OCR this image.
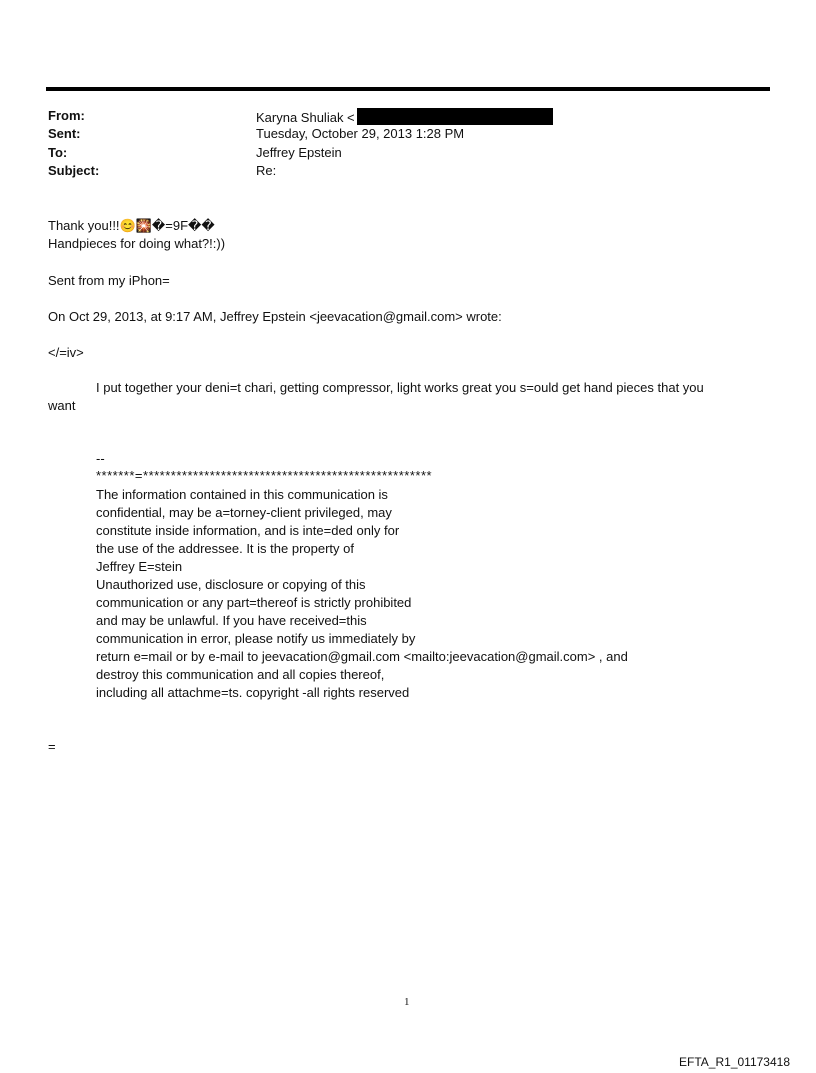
From:	Karyna Shuliak <
Sent:	Tuesday, October 29, 2013 1:28 PM
To:	Jeffrey Epstein
Subject:	Re:
Thank you!!!😊🎇�=9F��
Handpieces for doing what?!:))
Sent from my iPhon=
On Oct 29, 2013, at 9:17 AM, Jeffrey Epstein <jeevacation@gmail.com> wrote:
</=iv>
I put together your deni=t chari, getting compressor, light works great you s=ould get hand pieces that you
want
--
*******=****************************************************
The information contained in this communication is
confidential, may be a=torney-client privileged, may
constitute inside information, and is inte=ded only for
the use of the addressee. It is the property of
Jeffrey E=stein
Unauthorized use, disclosure or copying of this
communication or any part=thereof is strictly prohibited
and may be unlawful. If you have received=this
communication in error, please notify us immediately by
return e=mail or by e-mail to jeevacation@gmail.com <mailto:jeevacation@gmail.com> , and
destroy this communication and all copies thereof,
including all attachme=ts. copyright -all rights reserved
=
1
EFTA_R1_01173418
